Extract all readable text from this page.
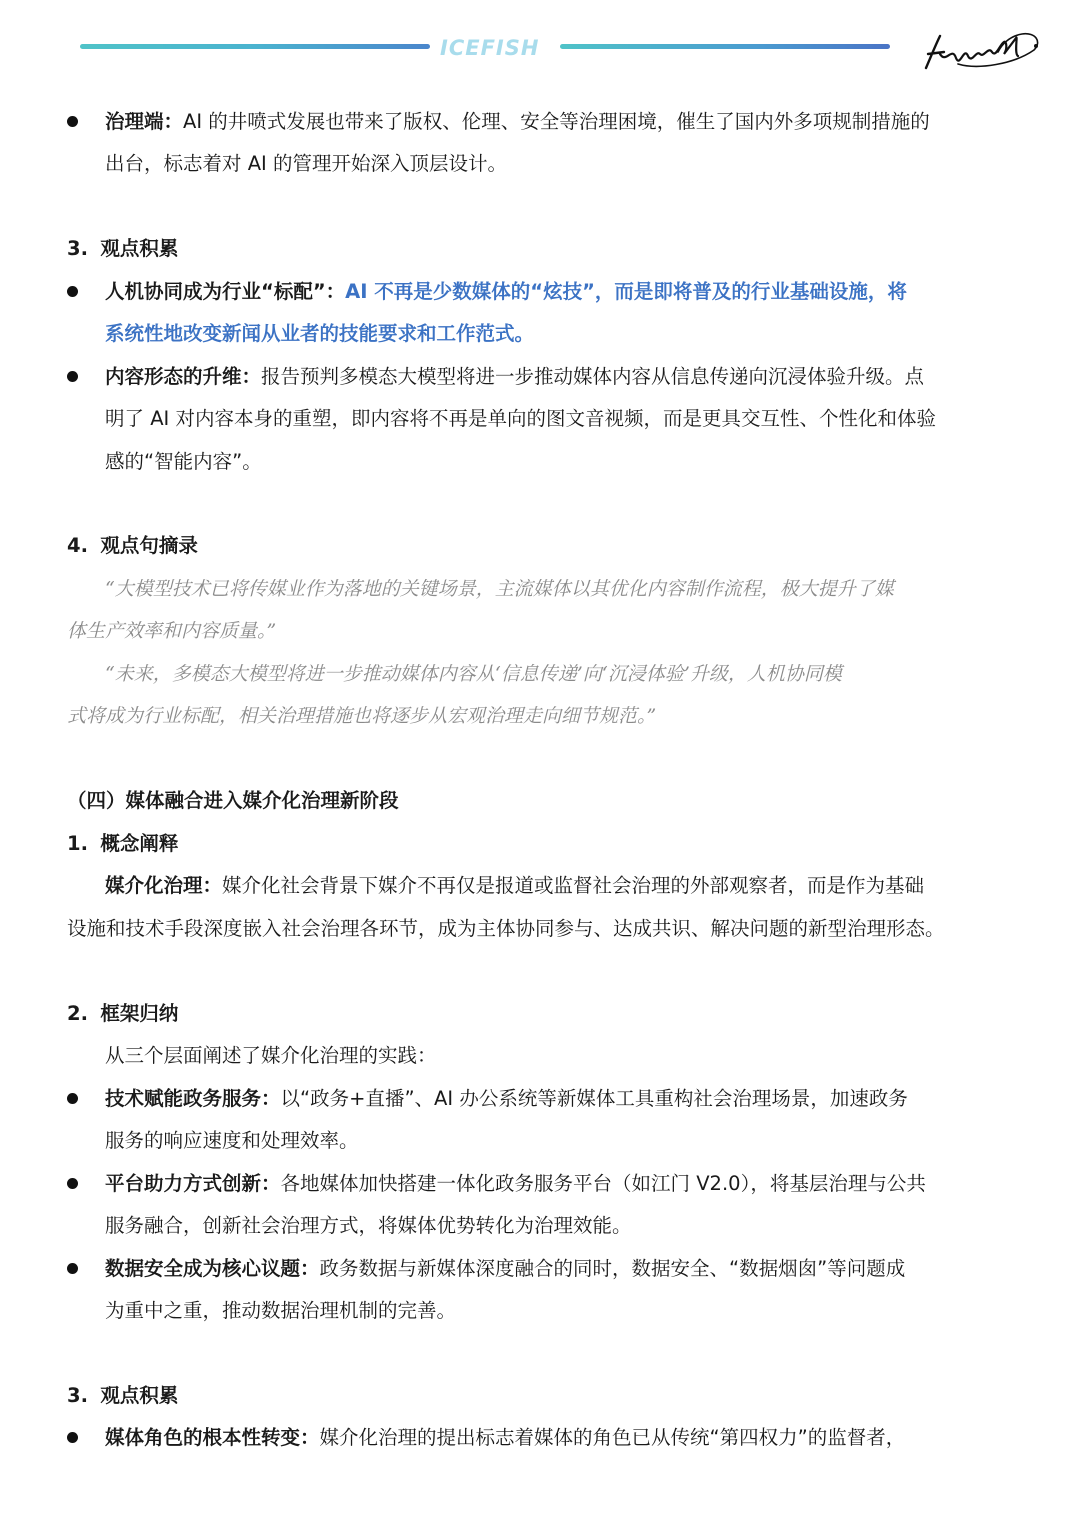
ICEFISH
治理端：AI 的井喷式发展也带来了版权、伦理、安全等治理困境，催生了国内外多项规制措施的
出台，标志着对 AI 的管理开始深入顶层设计。
3. 观点积累
人机协同成为行业“标配”：AI 不再是少数媒体的“炫技”，而是即将普及的行业基础设施，将
系统性地改变新闻从业者的技能要求和工作范式。
内容形态的升维：报告预判多模态大模型将进一步推动媒体内容从信息传递向沉浸体验升级。点
明了 AI 对内容本身的重塑，即内容将不再是单向的图文音视频，而是更具交互性、个性化和体验
感的“智能内容”。
4. 观点句摘录
“大模型技术已将传媒业作为落地的关键场景，主流媒体以其优化内容制作流程，极大提升了媒
体生产效率和内容质量。”
“未来，多模态大模型将进一步推动媒体内容从‘信息传递’向‘沉浸体验’升级，人机协同模
式将成为行业标配，相关治理措施也将逐步从宏观治理走向细节规范。”
（四）媒体融合进入媒介化治理新阶段
1. 概念阐释
媒介化治理：媒介化社会背景下媒介不再仅是报道或监督社会治理的外部观察者，而是作为基础
设施和技术手段深度嵌入社会治理各环节，成为主体协同参与、达成共识、解决问题的新型治理形态。
2. 框架归纳
从三个层面阐述了媒介化治理的实践：
技术赋能政务服务：以“政务+直播”、AI 办公系统等新媒体工具重构社会治理场景，加速政务
服务的响应速度和处理效率。
平台助力方式创新：各地媒体加快搭建一体化政务服务平台（如江门 V2.0），将基层治理与公共
服务融合，创新社会治理方式，将媒体优势转化为治理效能。
数据安全成为核心议题：政务数据与新媒体深度融合的同时，数据安全、“数据烟囱”等问题成
为重中之重，推动数据治理机制的完善。
3. 观点积累
媒体角色的根本性转变：媒介化治理的提出标志着媒体的角色已从传统“第四权力”的监督者，
